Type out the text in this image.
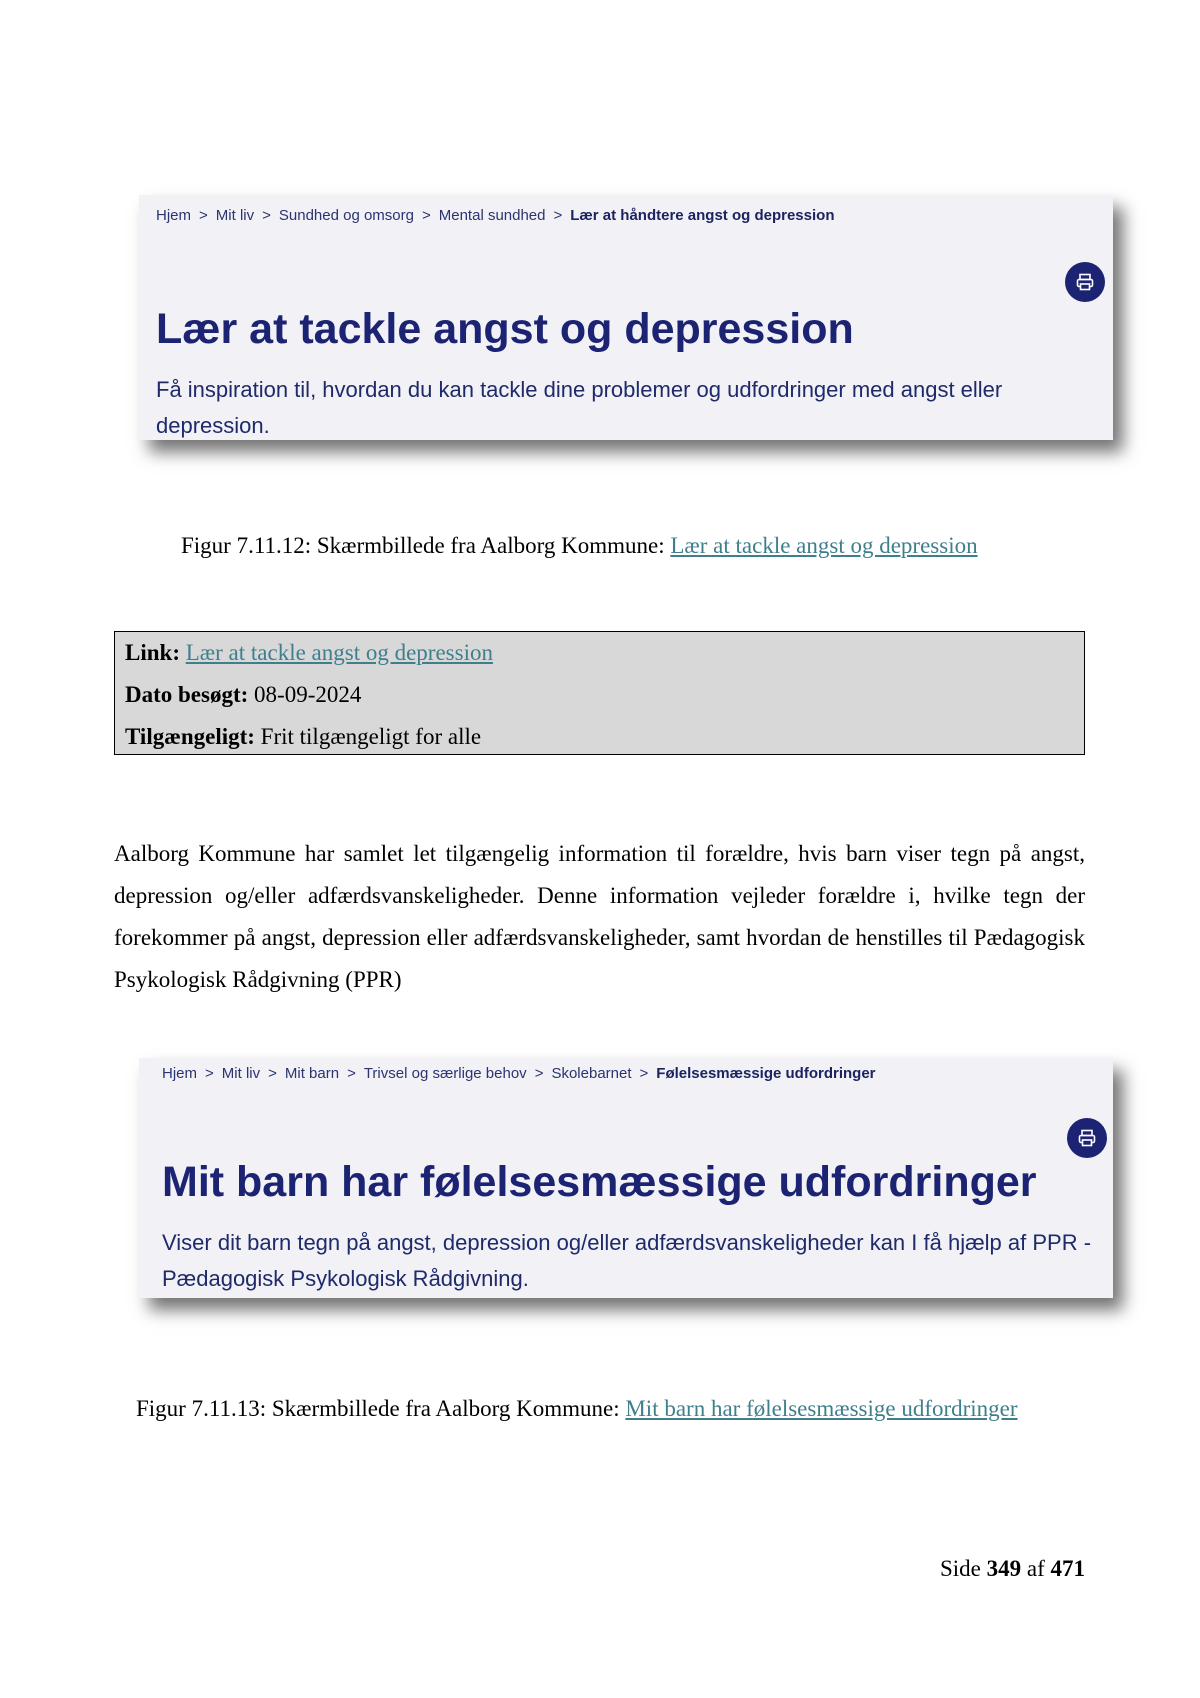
Hjem > Mit liv > Sundhed og omsorg > Mental sundhed > Lær at håndtere angst og depression
Lær at tackle angst og depression

Få inspiration til, hvordan du kan tackle dine problemer og udfordringer med angst eller depression.

Figur 7.11.12: Skærmbillede fra Aalborg Kommune: Lær at tackle angst og depression
Link: Lær at tackle angst og depression
Dato besøgt: 08-09-2024
Tilgængeligt: Frit tilgængeligt for alle

Aalborg Kommune har samlet let tilgængelig information til forældre, hvis barn viser tegn på angst, depression og/eller adfærdsvanskeligheder. Denne information vejleder forældre i, hvilke tegn der forekommer på angst, depression eller adfærdsvanskeligheder, samt hvordan de henstilles til Pædagogisk Psykologisk Rådgivning (PPR)

Hjem > Mit liv > Mit barn > Trivsel og særlige behov > Skolebarnet > Følelsesmæssige udfordringer
Mit barn har følelsesmæssige udfordringer

Viser dit barn tegn på angst, depression og/eller adfærdsvanskeligheder kan I få hjælp af PPR - Pædagogisk Psykologisk Rådgivning.

Figur 7.11.13: Skærmbillede fra Aalborg Kommune: Mit barn har følelsesmæssige udfordringer
Side 349 af 471
